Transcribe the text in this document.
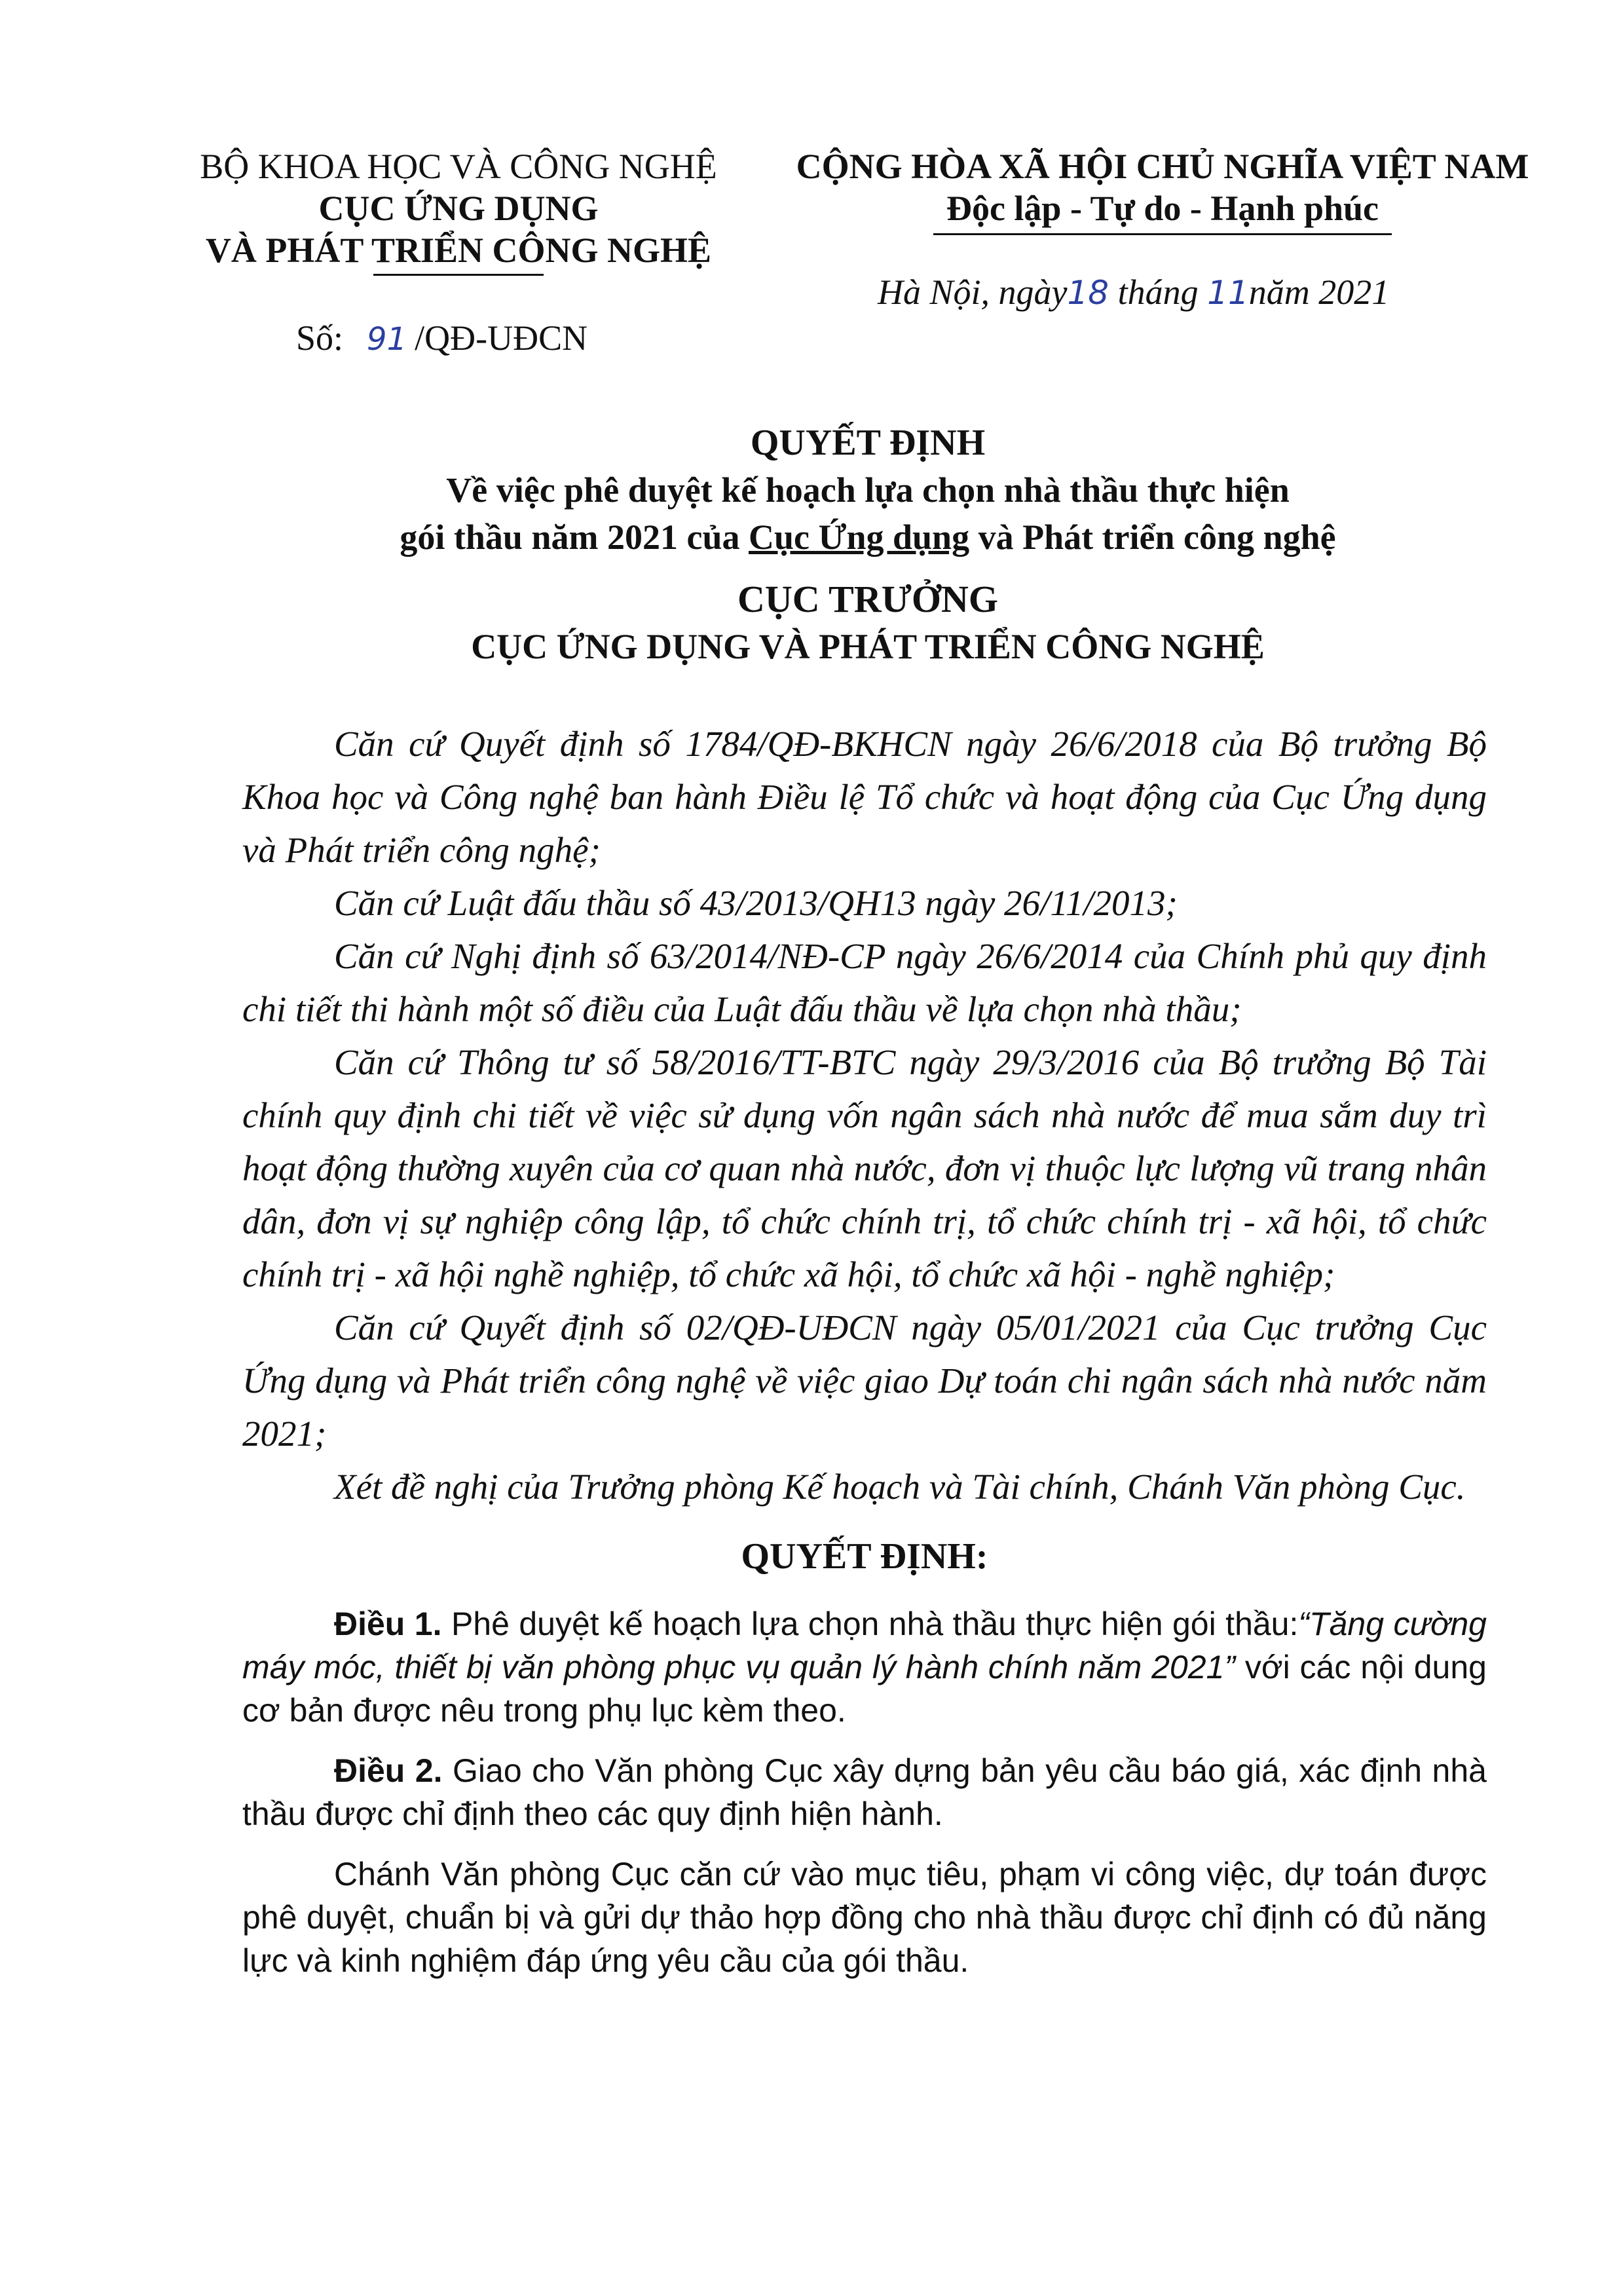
BỘ KHOA HỌC VÀ CÔNG NGHỆ
CỤC ỨNG DỤNG
VÀ PHÁT TRIỂN CÔNG NGHỆ
CỘNG HÒA XÃ HỘI CHỦ NGHĨA VIỆT NAM
Độc lập - Tự do - Hạnh phúc
Số: 91 /QĐ-UĐCN
Hà Nội, ngày18 tháng 11năm 2021
QUYẾT ĐỊNH
Về việc phê duyệt kế hoạch lựa chọn nhà thầu thực hiện
gói thầu năm 2021 của Cục Ứng dụng và Phát triển công nghệ
CỤC TRƯỞNG
CỤC ỨNG DỤNG VÀ PHÁT TRIỂN CÔNG NGHỆ

Căn cứ Quyết định số 1784/QĐ-BKHCN ngày 26/6/2018 của Bộ trưởng Bộ Khoa học và Công nghệ ban hành Điều lệ Tổ chức và hoạt động của Cục Ứng dụng và Phát triển công nghệ;

Căn cứ Luật đấu thầu số 43/2013/QH13 ngày 26/11/2013;

Căn cứ Nghị định số 63/2014/NĐ-CP ngày 26/6/2014 của Chính phủ quy định chi tiết thi hành một số điều của Luật đấu thầu về lựa chọn nhà thầu;

Căn cứ Thông tư số 58/2016/TT-BTC ngày 29/3/2016 của Bộ trưởng Bộ Tài chính quy định chi tiết về việc sử dụng vốn ngân sách nhà nước để mua sắm duy trì hoạt động thường xuyên của cơ quan nhà nước, đơn vị thuộc lực lượng vũ trang nhân dân, đơn vị sự nghiệp công lập, tổ chức chính trị, tổ chức chính trị - xã hội, tổ chức chính trị - xã hội nghề nghiệp, tổ chức xã hội, tổ chức xã hội - nghề nghiệp;

Căn cứ Quyết định số 02/QĐ-UĐCN ngày 05/01/2021 của Cục trưởng Cục Ứng dụng và Phát triển công nghệ về việc giao Dự toán chi ngân sách nhà nước năm 2021;

Xét đề nghị của Trưởng phòng Kế hoạch và Tài chính, Chánh Văn phòng Cục.

QUYẾT ĐỊNH:

Điều 1. Phê duyệt kế hoạch lựa chọn nhà thầu thực hiện gói thầu:“Tăng cường máy móc, thiết bị văn phòng phục vụ quản lý hành chính năm 2021” với các nội dung cơ bản được nêu trong phụ lục kèm theo.

Điều 2. Giao cho Văn phòng Cục xây dựng bản yêu cầu báo giá, xác định nhà thầu được chỉ định theo các quy định hiện hành.

Chánh Văn phòng Cục căn cứ vào mục tiêu, phạm vi công việc, dự toán được phê duyệt, chuẩn bị và gửi dự thảo hợp đồng cho nhà thầu được chỉ định có đủ năng lực và kinh nghiệm đáp ứng yêu cầu của gói thầu.
